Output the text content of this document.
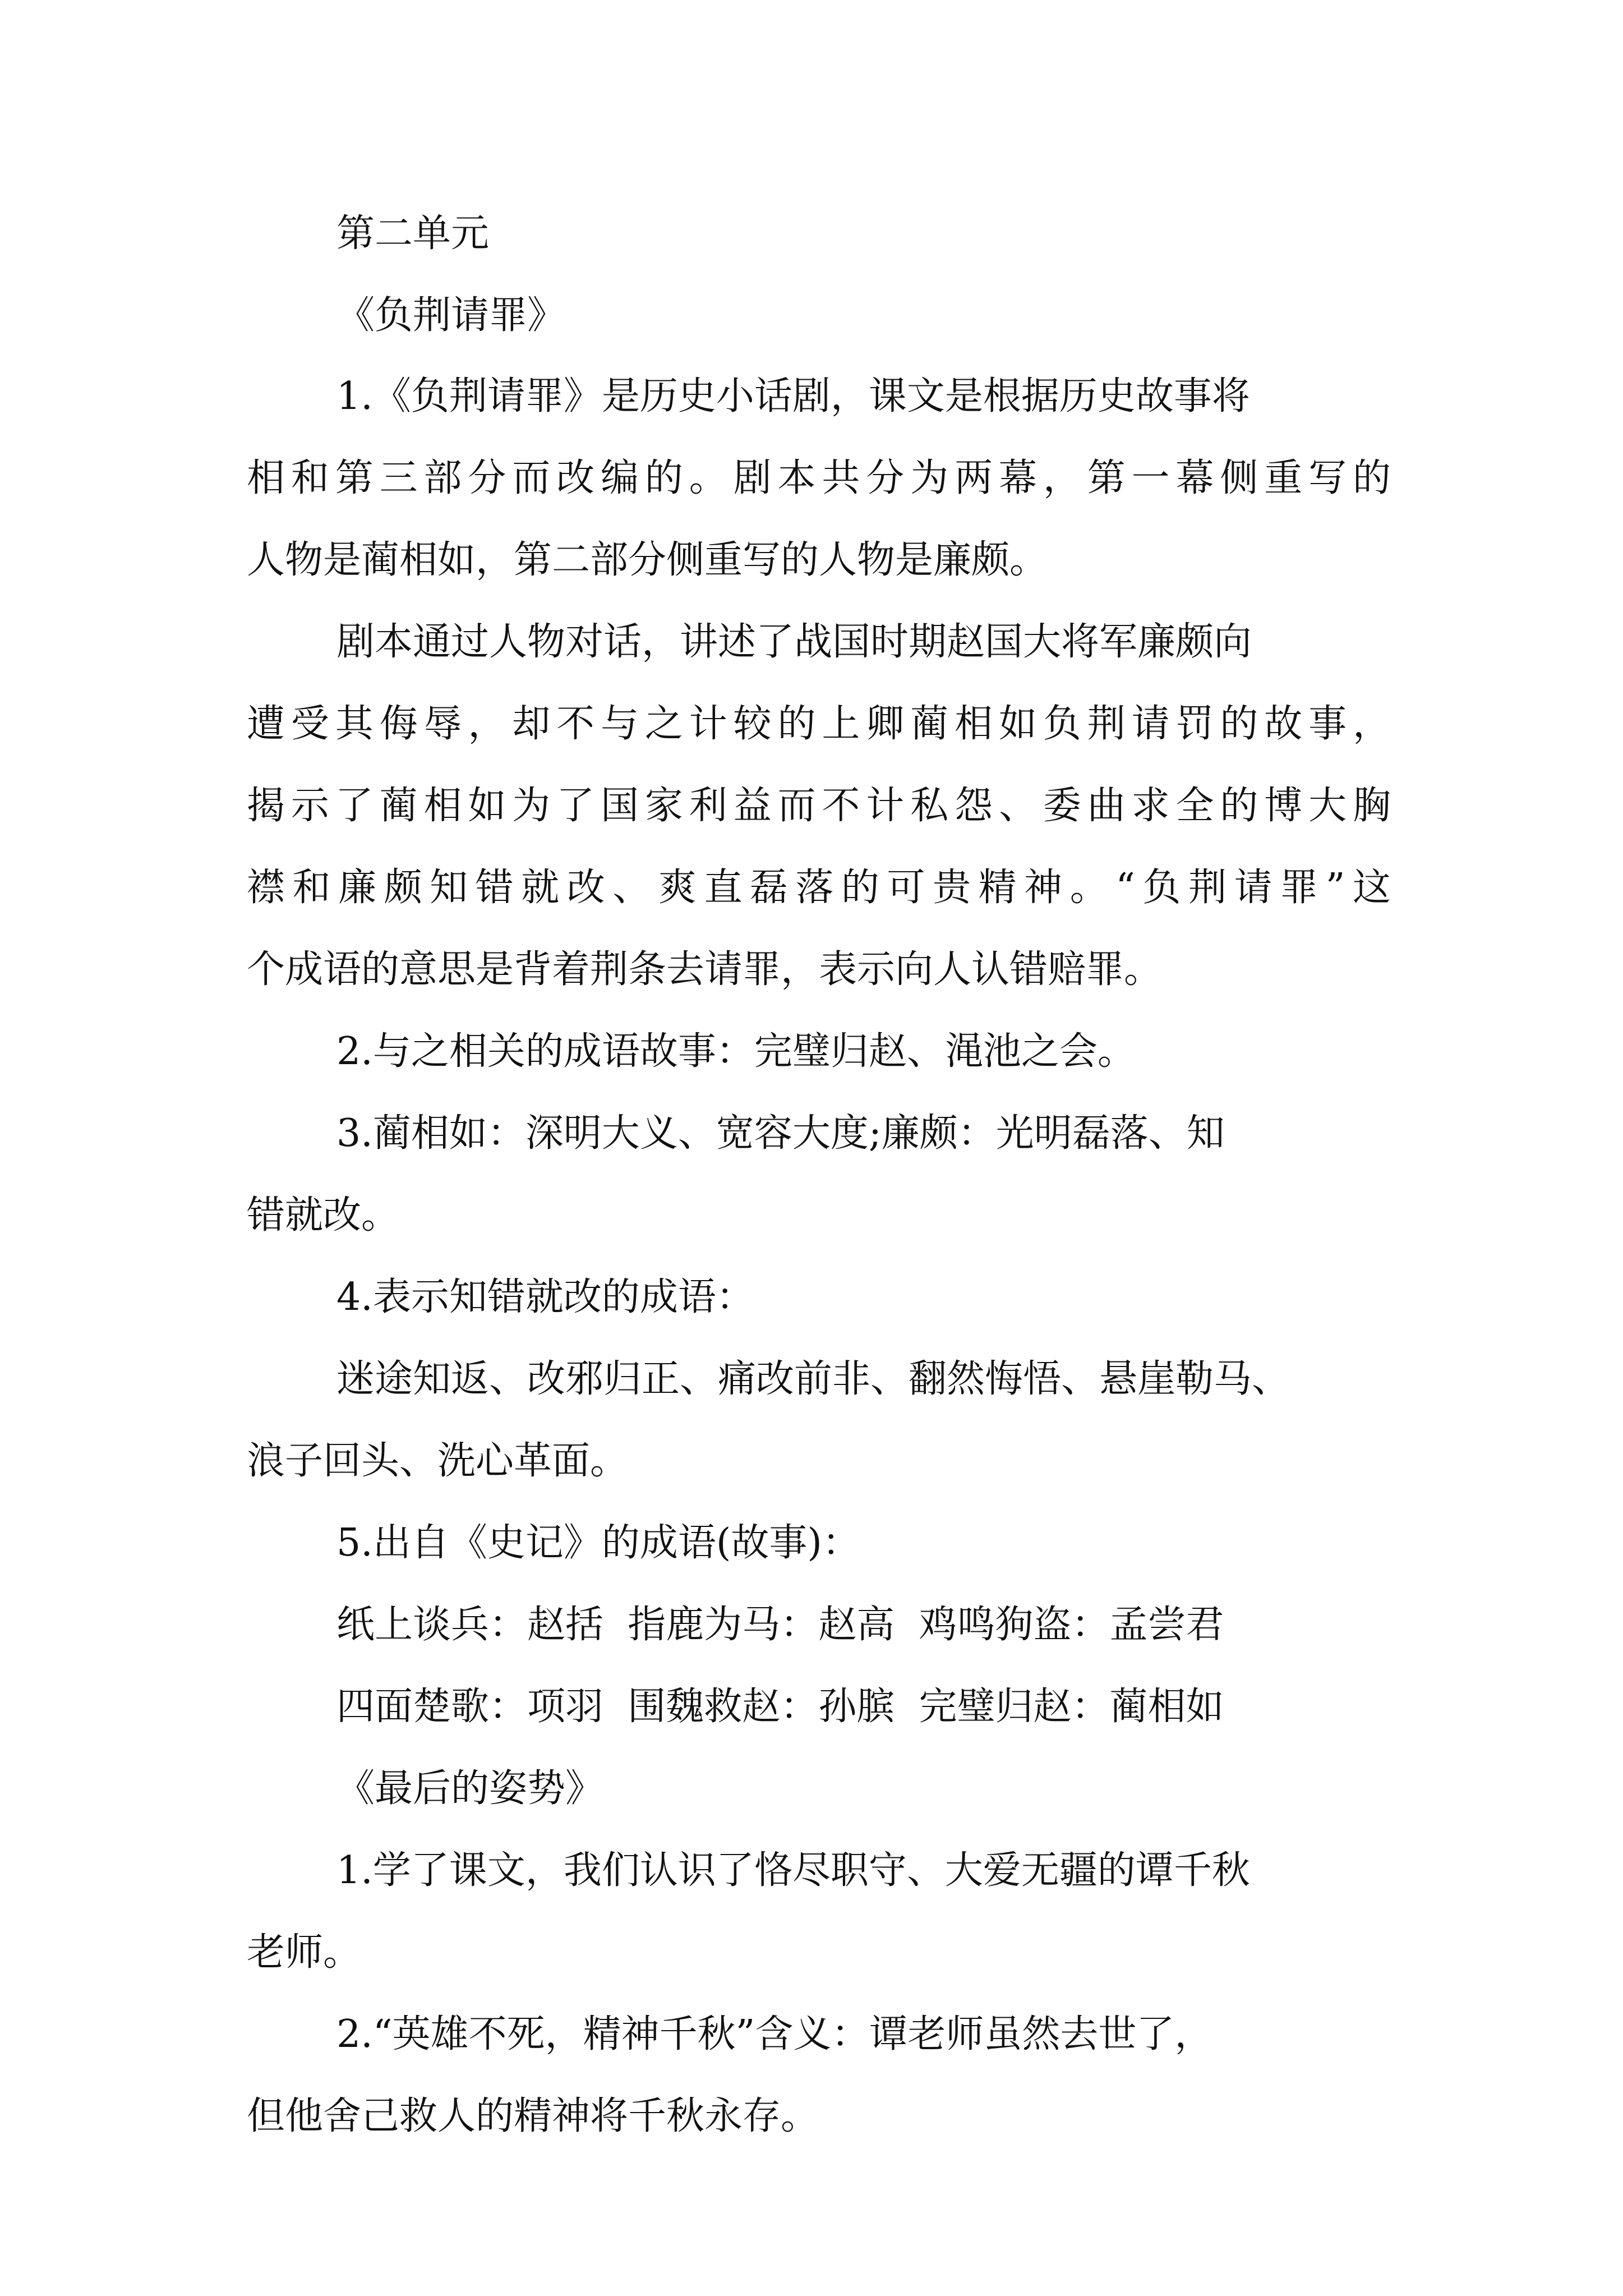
第二单元
《负荆请罪》
1.《负荆请罪》是历史小话剧，课文是根据历史故事将
相和第三部分而改编的。剧本共分为两幕，第一幕侧重写的
人物是蔺相如，第二部分侧重写的人物是廉颇。
剧本通过人物对话，讲述了战国时期赵国大将军廉颇向
遭受其侮辱，却不与之计较的上卿蔺相如负荆请罚的故事，
揭示了蔺相如为了国家利益而不计私怨、委曲求全的博大胸
襟和廉颇知错就改、爽直磊落的可贵精神。“负荆请罪”这
个成语的意思是背着荆条去请罪，表示向人认错赔罪。
2.与之相关的成语故事：完璧归赵、渑池之会。
3.蔺相如：深明大义、宽容大度;廉颇：光明磊落、知
错就改。
4.表示知错就改的成语：
迷途知返、改邪归正、痛改前非、翻然悔悟、悬崖勒马、
浪子回头、洗心革面。
5.出自《史记》的成语(故事)：
纸上谈兵：赵括  指鹿为马：赵高  鸡鸣狗盗：孟尝君
四面楚歌：项羽  围魏救赵：孙膑  完璧归赵：蔺相如
《最后的姿势》
1.学了课文，我们认识了恪尽职守、大爱无疆的谭千秋
老师。
2.“英雄不死，精神千秋”含义：谭老师虽然去世了，
但他舍己救人的精神将千秋永存。
